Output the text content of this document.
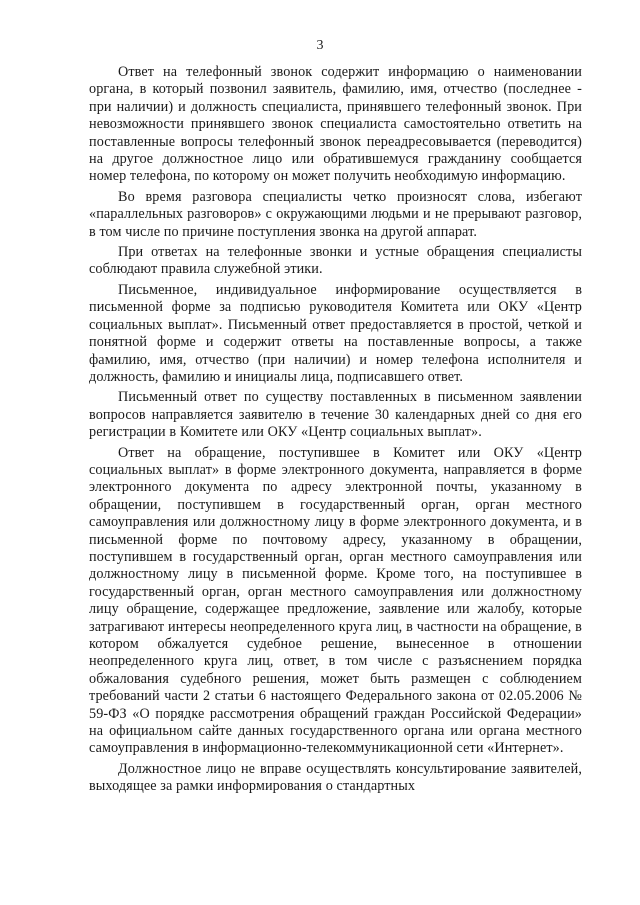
3

Ответ на телефонный звонок содержит информацию о наименовании органа, в который позвонил заявитель, фамилию, имя, отчество (последнее - при наличии) и должность специалиста, принявшего телефонный звонок. При невозможности принявшего звонок специалиста самостоятельно ответить на поставленные вопросы телефонный звонок переадресовывается (переводится) на другое должностное лицо или обратившемуся гражданину сообщается номер телефона, по которому он может получить необходимую информацию.

Во время разговора специалисты четко произносят слова, избегают «параллельных разговоров» с окружающими людьми и не прерывают разговор, в том числе по причине поступления звонка на другой аппарат.

При ответах на телефонные звонки и устные обращения специалисты соблюдают правила служебной этики.

Письменное, индивидуальное информирование осуществляется в письменной форме за подписью руководителя Комитета или ОКУ «Центр социальных выплат». Письменный ответ предоставляется в простой, четкой и понятной форме и содержит ответы на поставленные вопросы, а также фамилию, имя, отчество (при наличии) и номер телефона исполнителя и должность, фамилию и инициалы лица, подписавшего ответ.

Письменный ответ по существу поставленных в письменном заявлении вопросов направляется заявителю в течение 30 календарных дней со дня его регистрации в Комитете или ОКУ «Центр социальных выплат».

Ответ на обращение, поступившее в Комитет или ОКУ «Центр социальных выплат» в форме электронного документа, направляется в форме электронного документа по адресу электронной почты, указанному в обращении, поступившем в государственный орган, орган местного самоуправления или должностному лицу в форме электронного документа, и в письменной форме по почтовому адресу, указанному в обращении, поступившем в государственный орган, орган местного самоуправления или должностному лицу в письменной форме. Кроме того, на поступившее в государственный орган, орган местного самоуправления или должностному лицу обращение, содержащее предложение, заявление или жалобу, которые затрагивают интересы неопределенного круга лиц, в частности на обращение, в котором обжалуется судебное решение, вынесенное в отношении неопределенного круга лиц, ответ, в том числе с разъяснением порядка обжалования судебного решения, может быть размещен с соблюдением требований части 2 статьи 6 настоящего Федерального закона от 02.05.2006 № 59-ФЗ «О порядке рассмотрения обращений граждан Российской Федерации» на официальном сайте данных государственного органа или органа местного самоуправления в информационно-телекоммуникационной сети «Интернет».

Должностное лицо не вправе осуществлять консультирование заявителей, выходящее за рамки информирования о стандартных
